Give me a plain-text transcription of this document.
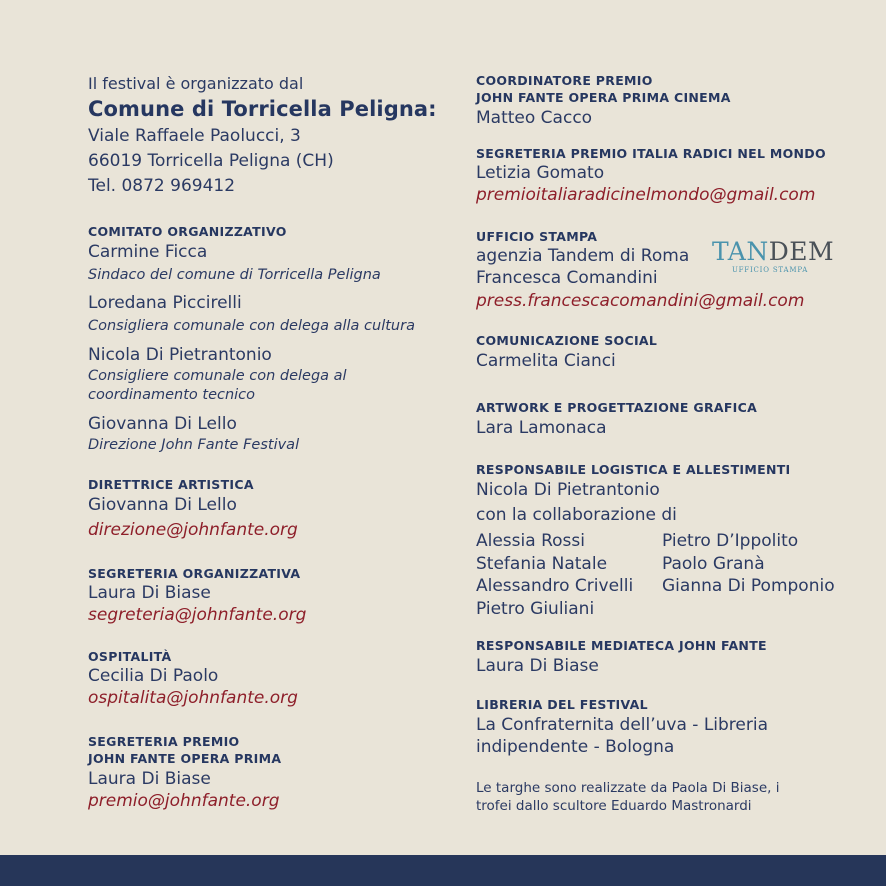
Il festival è organizzato dal
Comune di Torricella Peligna:
Viale Raffaele Paolucci, 3
66019 Torricella Peligna (CH)
Tel. 0872 969412
COMITATO ORGANIZZATIVO
Carmine Ficca
Sindaco del comune di Torricella Peligna
Loredana Piccirelli
Consigliera comunale con delega alla cultura
Nicola Di Pietrantonio
Consigliere comunale con delega al coordinamento tecnico
Giovanna Di Lello
Direzione John Fante Festival
DIRETTRICE ARTISTICA
Giovanna Di Lello
direzione@johnfante.org
SEGRETERIA ORGANIZZATIVA
Laura Di Biase
segreteria@johnfante.org
OSPITALITÀ
Cecilia Di Paolo
ospitalita@johnfante.org
SEGRETERIA PREMIO
JOHN FANTE OPERA PRIMA
Laura Di Biase
premio@johnfante.org
COORDINATORE PREMIO
JOHN FANTE OPERA PRIMA CINEMA
Matteo Cacco
SEGRETERIA PREMIO ITALIA RADICI NEL MONDO
Letizia Gomato
premioitaliaradicinelmondo@gmail.com
UFFICIO STAMPA
agenzia Tandem di Roma
Francesca Comandini
press.francescacomandini@gmail.com
COMUNICAZIONE SOCIAL
Carmelita Cianci
ARTWORK E PROGETTAZIONE GRAFICA
Lara Lamonaca
RESPONSABILE LOGISTICA E ALLESTIMENTI
Nicola Di Pietrantonio
con la collaborazione di
Alessia Rossi
Stefania Natale
Alessandro Crivelli
Pietro Giuliani
Pietro D’Ippolito
Paolo Granà
Gianna Di Pomponio
RESPONSABILE MEDIATECA JOHN FANTE
Laura Di Biase
LIBRERIA DEL FESTIVAL
La Confraternita dell’uva - Libreria indipendente - Bologna
Le targhe sono realizzate da Paola Di Biase, i trofei dallo scultore Eduardo Mastronardi
TANDEM
UFFICIO STAMPA
